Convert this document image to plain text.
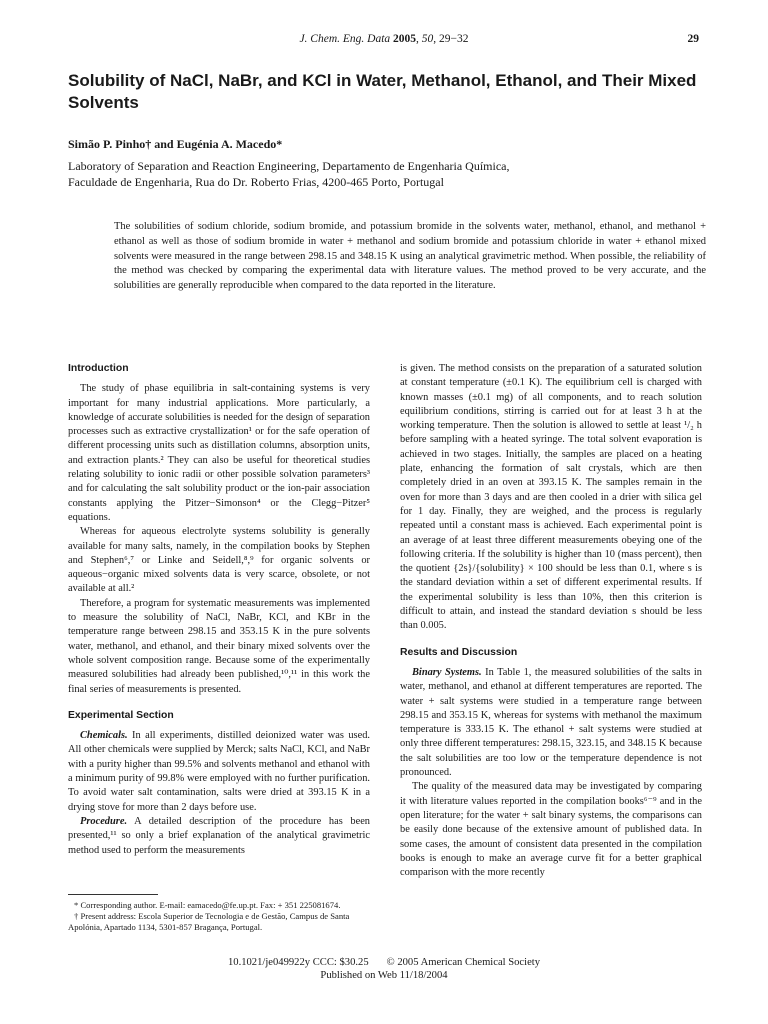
J. Chem. Eng. Data 2005, 50, 29−32	29
Solubility of NaCl, NaBr, and KCl in Water, Methanol, Ethanol, and Their Mixed Solvents
Simão P. Pinho† and Eugénia A. Macedo*
Laboratory of Separation and Reaction Engineering, Departamento de Engenharia Química,
Faculdade de Engenharia, Rua do Dr. Roberto Frias, 4200-465 Porto, Portugal

The solubilities of sodium chloride, sodium bromide, and potassium bromide in the solvents water, methanol, ethanol, and methanol + ethanol as well as those of sodium bromide in water + methanol and sodium bromide and potassium chloride in water + ethanol mixed solvents were measured in the range between 298.15 and 348.15 K using an analytical gravimetric method. When possible, the reliability of the method was checked by comparing the experimental data with literature values. The method proved to be very accurate, and the solubilities are generally reproducible when compared to the data reported in the literature.

Introduction

The study of phase equilibria in salt-containing systems is very important for many industrial applications. More particularly, a knowledge of accurate solubilities is needed for the design of separation processes such as extractive crystallization¹ or for the safe operation of different processing units such as distillation columns, absorption units, and extraction plants.² They can also be useful for theoretical studies relating solubility to ionic radii or other possible solvation parameters³ and for calculating the salt solubility product or the ion-pair association constants applying the Pitzer−Simonson⁴ or the Clegg−Pitzer⁵ equations.

Whereas for aqueous electrolyte systems solubility is generally available for many salts, namely, in the compilation books by Stephen and Stephen⁶,⁷ or Linke and Seidell,⁸,⁹ for organic solvents or aqueous−organic mixed solvents data is very scarce, obsolete, or not available at all.²

Therefore, a program for systematic measurements was implemented to measure the solubility of NaCl, NaBr, KCl, and KBr in the temperature range between 298.15 and 353.15 K in the pure solvents water, methanol, and ethanol, and their binary mixed solvents over the whole solvent composition range. Because some of the experimentally measured solubilities had already been published,¹⁰,¹¹ in this work the final series of measurements is presented.

Experimental Section

Chemicals. In all experiments, distilled deionized water was used. All other chemicals were supplied by Merck; salts NaCl, KCl, and NaBr with a purity higher than 99.5% and solvents methanol and ethanol with a minimum purity of 99.8% were employed with no further purification. To avoid water salt contamination, salts were dried at 393.15 K in a drying stove for more than 2 days before use.

Procedure. A detailed description of the procedure has been presented,¹¹ so only a brief explanation of the analytical gravimetric method used to perform the measurements

* Corresponding author. E-mail: eamacedo@fe.up.pt. Fax: + 351 225081674.

† Present address: Escola Superior de Tecnologia e de Gestão, Campus de Santa Apolónia, Apartado 1134, 5301-857 Bragança, Portugal.

is given. The method consists on the preparation of a saturated solution at constant temperature (±0.1 K). The equilibrium cell is charged with known masses (±0.1 mg) of all components, and to reach solution equilibrium conditions, stirring is carried out for at least 3 h at the working temperature. Then the solution is allowed to settle at least ¹/₂ h before sampling with a heated syringe. The total solvent evaporation is achieved in two stages. Initially, the samples are placed on a heating plate, enhancing the formation of salt crystals, which are then completely dried in an oven at 393.15 K. The samples remain in the oven for more than 3 days and are then cooled in a drier with silica gel for 1 day. Finally, they are weighed, and the process is regularly repeated until a constant mass is achieved. Each experimental point is an average of at least three different measurements obeying one of the following criteria. If the solubility is higher than 10 (mass percent), then the quotient {2s}/{solubility} × 100 should be less than 0.1, where s is the standard deviation within a set of different experimental results. If the experimental solubility is less than 10%, then this criterion is difficult to attain, and instead the standard deviation s should be less than 0.005.

Results and Discussion

Binary Systems. In Table 1, the measured solubilities of the salts in water, methanol, and ethanol at different temperatures are reported. The water + salt systems were studied in a temperature range between 298.15 and 353.15 K, whereas for systems with methanol the maximum temperature is 333.15 K. The ethanol + salt systems were studied at only three different temperatures: 298.15, 323.15, and 348.15 K because the salt solubilities are too low or the temperature dependence is not pronounced.

The quality of the measured data may be investigated by comparing it with literature values reported in the compilation books⁶⁻⁹ and in the open literature; for the water + salt binary systems, the comparisons can be easily done because of the extensive amount of published data. In some cases, the amount of consistent data presented in the compilation books is enough to make an average curve fit for a better graphical comparison with the more recently

10.1021/je049922y CCC: $30.25 © 2005 American Chemical Society
Published on Web 11/18/2004
